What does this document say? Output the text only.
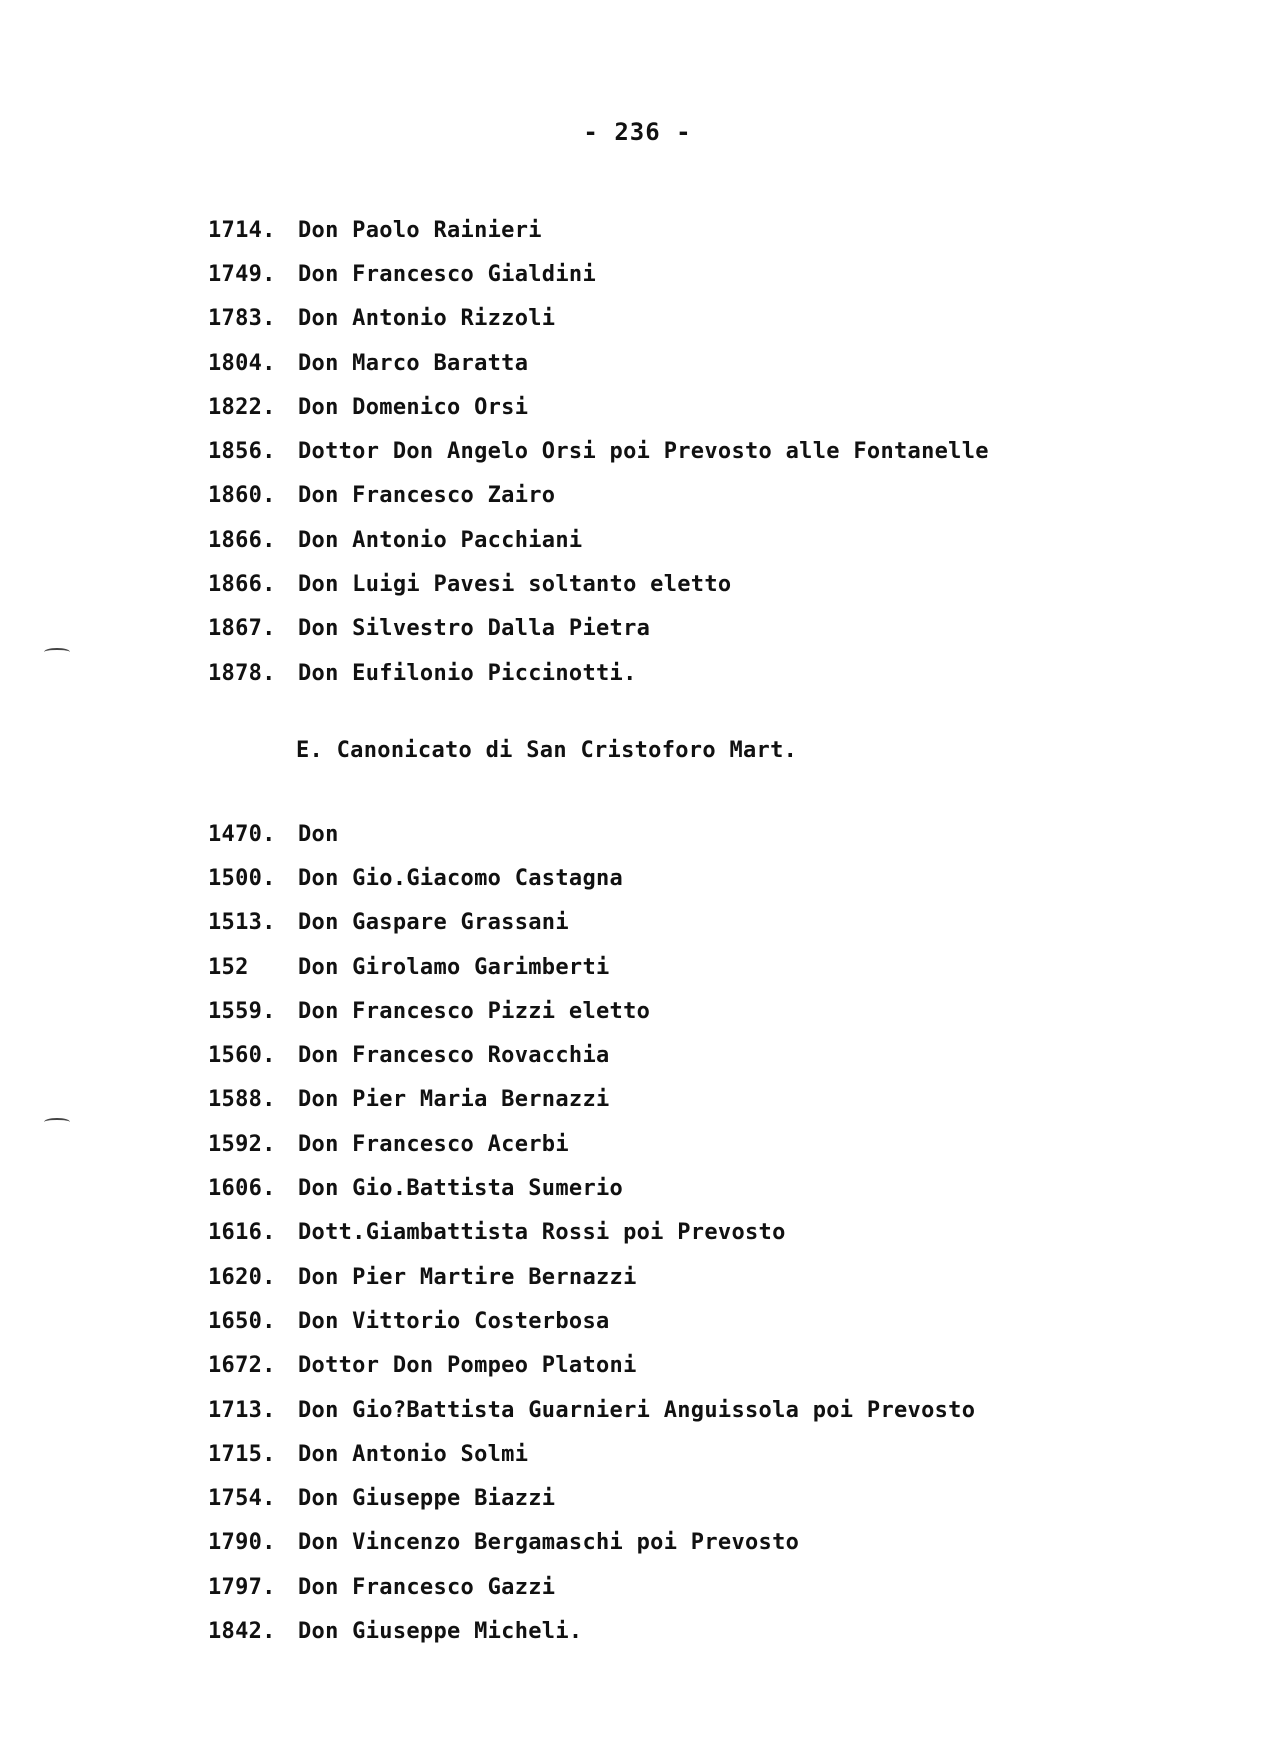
- 236 -
1714.	Don Paolo Rainieri
1749.	Don Francesco Gialdini
1783.	Don Antonio Rizzoli
1804.	Don Marco Baratta
1822.	Don Domenico Orsi
1856.	Dottor Don Angelo Orsi poi Prevosto alle Fontanelle
1860.	Don Francesco Zairo
1866.	Don Antonio Pacchiani
1866.	Don Luigi Pavesi soltanto eletto
1867.	Don Silvestro Dalla Pietra
1878.	Don Eufilonio Piccinotti.
E. Canonicato di San Cristoforo Mart.
1470.	Don
1500.	Don Gio.Giacomo Castagna
1513.	Don Gaspare Grassani
152	Don Girolamo Garimberti
1559.	Don Francesco Pizzi eletto
1560.	Don Francesco Rovacchia
1588.	Don Pier Maria Bernazzi
1592.	Don Francesco Acerbi
1606.	Don Gio.Battista Sumerio
1616.	Dott.Giambattista Rossi poi Prevosto
1620.	Don Pier Martire Bernazzi
1650.	Don Vittorio Costerbosa
1672.	Dottor Don Pompeo Platoni
1713.	Don Gio?Battista Guarnieri Anguissola poi Prevosto
1715.	Don Antonio Solmi
1754.	Don Giuseppe Biazzi
1790.	Don Vincenzo Bergamaschi poi Prevosto
1797.	Don Francesco Gazzi
1842.	Don Giuseppe Micheli.
